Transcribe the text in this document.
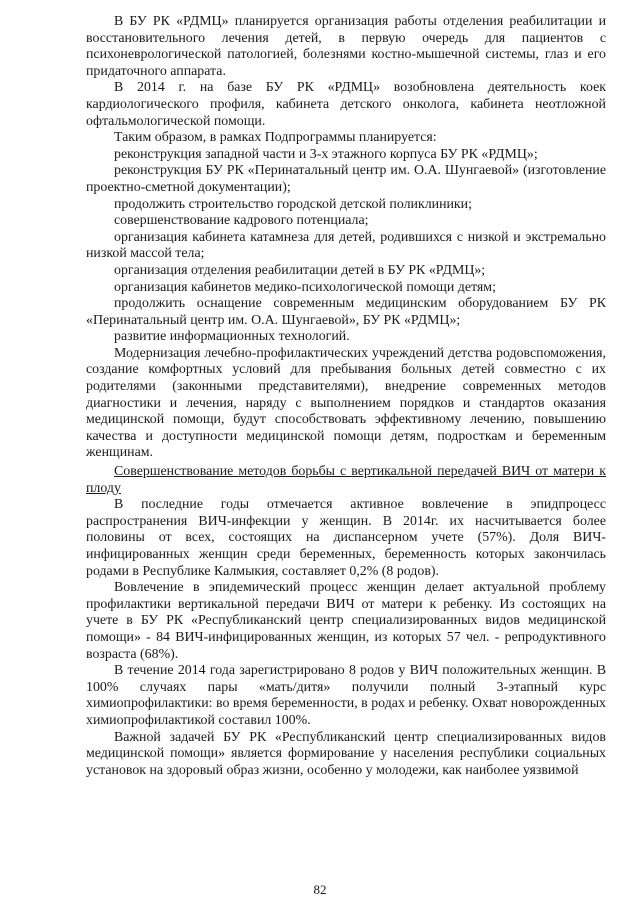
В БУ РК «РДМЦ» планируется организация работы отделения реабилитации и восстановительного лечения детей, в первую очередь для пациентов с психоневрологической патологией, болезнями костно-мышечной системы, глаз и его придаточного аппарата.

В 2014 г. на базе БУ РК «РДМЦ» возобновлена деятельность коек кардиологического профиля, кабинета детского онколога, кабинета неотложной офтальмологической помощи.

Таким образом, в рамках Подпрограммы планируется:

реконструкция западной части и 3-х этажного корпуса БУ РК «РДМЦ»;

реконструкция БУ РК «Перинатальный центр им. О.А. Шунгаевой» (изготовление проектно-сметной документации);

продолжить строительство городской детской поликлиники;

совершенствование кадрового потенциала;

организация кабинета катамнеза для детей, родившихся с низкой и экстремально низкой массой тела;

организация отделения реабилитации детей в БУ РК «РДМЦ»;

организация кабинетов медико-психологической помощи детям;

продолжить оснащение современным медицинским оборудованием БУ РК «Перинатальный центр им. О.А. Шунгаевой», БУ РК «РДМЦ»;

развитие информационных технологий.

Модернизация лечебно-профилактических учреждений детства родовспоможения, создание комфортных условий для пребывания больных детей совместно с их родителями (законными представителями), внедрение современных методов диагностики и лечения, наряду с выполнением порядков и стандартов оказания медицинской помощи, будут способствовать эффективному лечению, повышению качества и доступности медицинской помощи детям, подросткам и беременным женщинам.

Совершенствование методов борьбы с вертикальной передачей ВИЧ от матери к плоду

В последние годы отмечается активное вовлечение в эпидпроцесс распространения ВИЧ-инфекции у женщин. В 2014г. их насчитывается более половины от всех, состоящих на диспансерном учете (57%). Доля ВИЧ-инфицированных женщин среди беременных, беременность которых закончилась родами в Республике Калмыкия, составляет 0,2% (8 родов).

Вовлечение в эпидемический процесс женщин делает актуальной проблему профилактики вертикальной передачи ВИЧ от матери к ребенку. Из состоящих на учете в БУ РК «Республиканский центр специализированных видов медицинской помощи» - 84 ВИЧ-инфицированных женщин, из которых 57 чел. - репродуктивного возраста (68%).

В течение 2014 года зарегистрировано 8 родов у ВИЧ положительных женщин. В 100% случаях пары «мать/дитя» получили полный 3-этапный курс химиопрофилактики: во время беременности, в родах и ребенку. Охват новорожденных химиопрофилактикой составил 100%.

Важной задачей БУ РК «Республиканский центр специализированных видов медицинской помощи» является формирование у населения республики социальных установок на здоровый образ жизни, особенно у молодежи, как наиболее уязвимой

82
